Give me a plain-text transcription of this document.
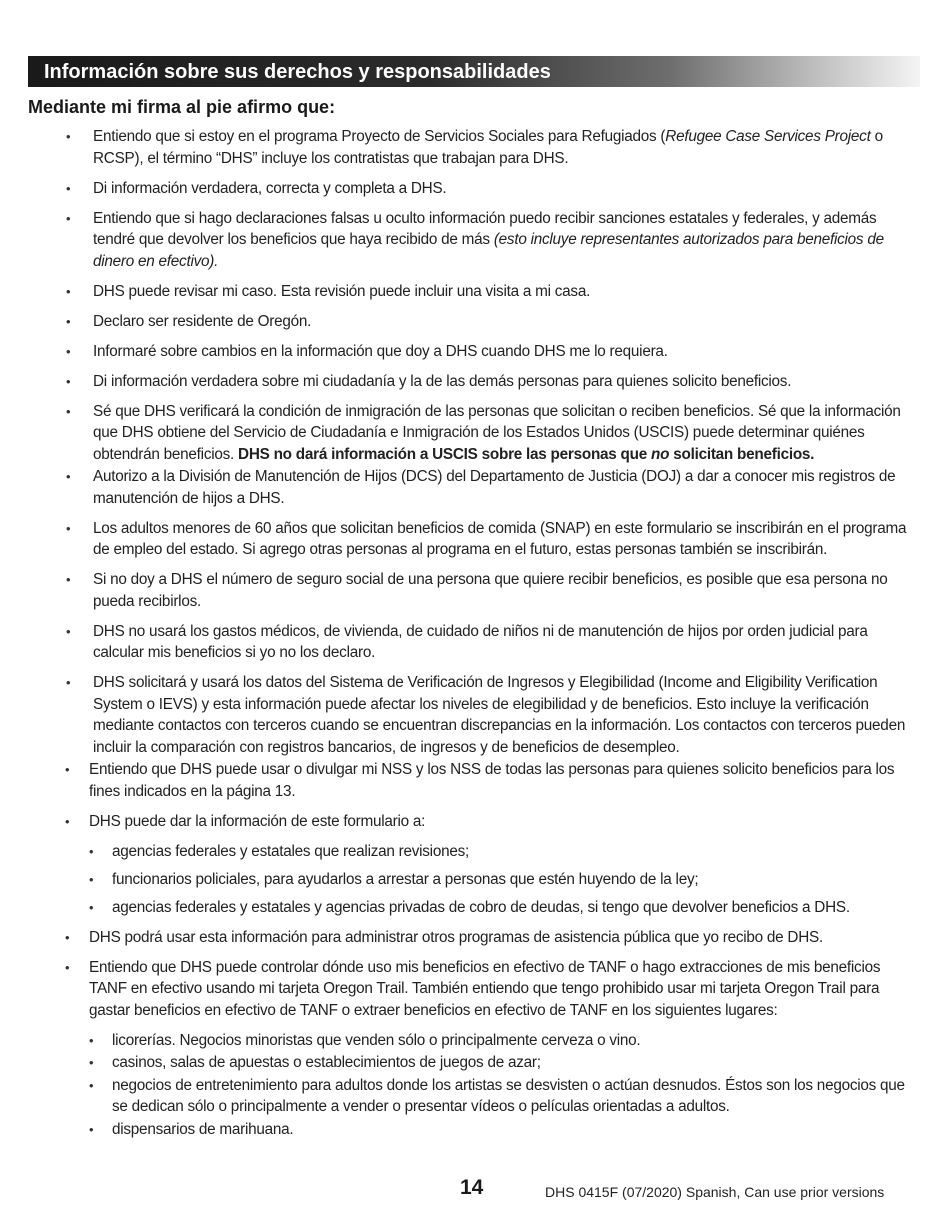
Información sobre sus derechos y responsabilidades

Mediante mi firma al pie afirmo que:

• Entiendo que si estoy en el programa Proyecto de Servicios Sociales para Refugiados (Refugee Case Services Project o RCSP), el término “DHS” incluye los contratistas que trabajan para DHS.
• Di información verdadera, correcta y completa a DHS.
• Entiendo que si hago declaraciones falsas u oculto información puedo recibir sanciones estatales y federales, y además tendré que devolver los beneficios que haya recibido de más (esto incluye representantes autorizados para beneficios de dinero en efectivo).
• DHS puede revisar mi caso. Esta revisión puede incluir una visita a mi casa.
• Declaro ser residente de Oregón.
• Informaré sobre cambios en la información que doy a DHS cuando DHS me lo requiera.
• Di información verdadera sobre mi ciudadanía y la de las demás personas para quienes solicito beneficios.
• Sé que DHS verificará la condición de inmigración de las personas que solicitan o reciben beneficios. Sé que la información que DHS obtiene del Servicio de Ciudadanía e Inmigración de los Estados Unidos (USCIS) puede determinar quiénes obtendrán beneficios. DHS no dará información a USCIS sobre las personas que no solicitan beneficios.
• Autorizo a la División de Manutención de Hijos (DCS) del Departamento de Justicia (DOJ) a dar a conocer mis registros de manutención de hijos a DHS.
• Los adultos menores de 60 años que solicitan beneficios de comida (SNAP) en este formulario se inscribirán en el programa de empleo del estado. Si agrego otras personas al programa en el futuro, estas personas también se inscribirán.
• Si no doy a DHS el número de seguro social de una persona que quiere recibir beneficios, es posible que esa persona no pueda recibirlos.
• DHS no usará los gastos médicos, de vivienda, de cuidado de niños ni de manutención de hijos por orden judicial para calcular mis beneficios si yo no los declaro.
• DHS solicitará y usará los datos del Sistema de Verificación de Ingresos y Elegibilidad (Income and Eligibility Verification System o IEVS) y esta información puede afectar los niveles de elegibilidad y de beneficios. Esto incluye la verificación mediante contactos con terceros cuando se encuentran discrepancias en la información. Los contactos con terceros pueden incluir la comparación con registros bancarios, de ingresos y de beneficios de desempleo.
• Entiendo que DHS puede usar o divulgar mi NSS y los NSS de todas las personas para quienes solicito beneficios para los fines indicados en la página 13.
• DHS puede dar la información de este formulario a:
• agencias federales y estatales que realizan revisiones;
• funcionarios policiales, para ayudarlos a arrestar a personas que estén huyendo de la ley;
• agencias federales y estatales y agencias privadas de cobro de deudas, si tengo que devolver beneficios a DHS.
• DHS podrá usar esta información para administrar otros programas de asistencia pública que yo recibo de DHS.
• Entiendo que DHS puede controlar dónde uso mis beneficios en efectivo de TANF o hago extracciones de mis beneficios TANF en efectivo usando mi tarjeta Oregon Trail. También entiendo que tengo prohibido usar mi tarjeta Oregon Trail para gastar beneficios en efectivo de TANF o extraer beneficios en efectivo de TANF en los siguientes lugares:
• licorerías. Negocios minoristas que venden sólo o principalmente cerveza o vino.
• casinos, salas de apuestas o establecimientos de juegos de azar;
• negocios de entretenimiento para adultos donde los artistas se desvisten o actúan desnudos. Éstos son los negocios que se dedican sólo o principalmente a vender o presentar vídeos o películas orientadas a adultos.
• dispensarios de marihuana.
14	DHS 0415F (07/2020) Spanish, Can use prior versions
